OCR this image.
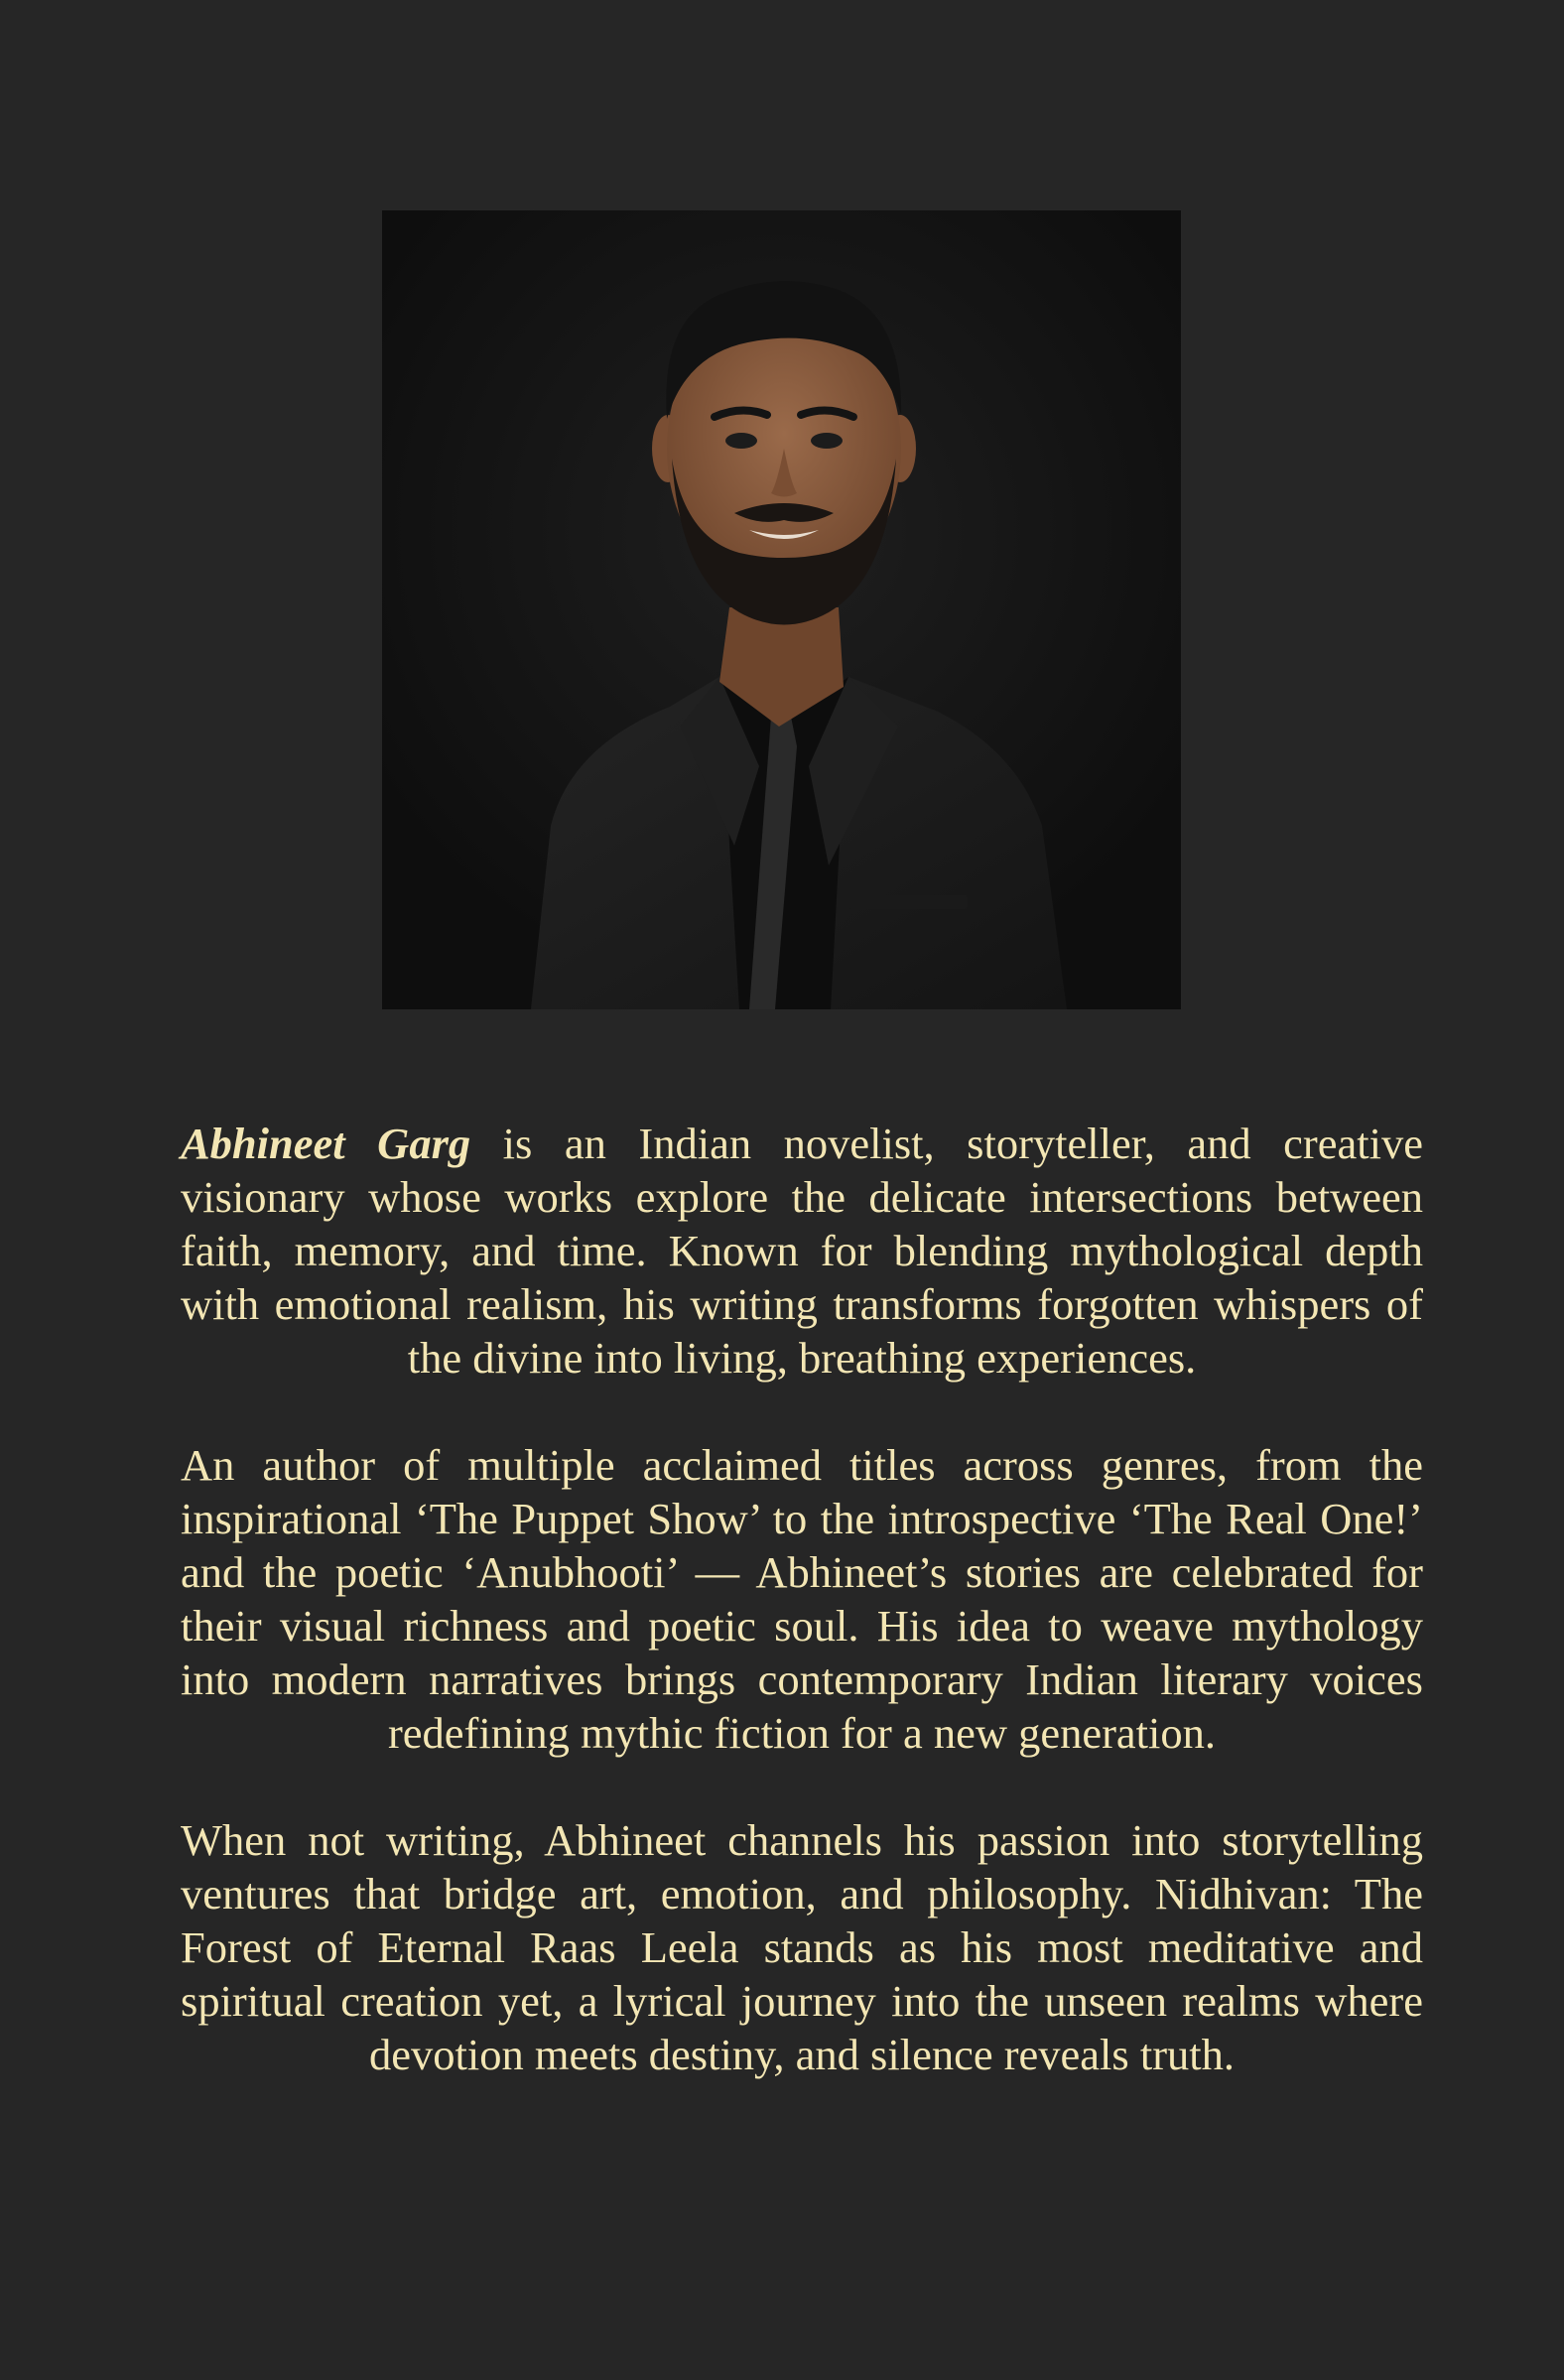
Abhineet Garg is an Indian novelist, storyteller, and creative visionary whose works explore the delicate intersections between faith, memory, and time. Known for blending mythological depth with emotional realism, his writing transforms forgotten whispers of the divine into living, breathing experiences.

An author of multiple acclaimed titles across genres, from the inspirational ‘The Puppet Show’ to the introspective ‘The Real One!’ and the poetic ‘Anubhooti’ — Abhineet’s stories are celebrated for their visual richness and poetic soul. His idea to weave mythology into modern narratives brings contemporary Indian literary voices redefining mythic fiction for a new generation.

When not writing, Abhineet channels his passion into storytelling ventures that bridge art, emotion, and philosophy. Nidhivan: The Forest of Eternal Raas Leela stands as his most meditative and spiritual creation yet, a lyrical journey into the unseen realms where devotion meets destiny, and silence reveals truth.
